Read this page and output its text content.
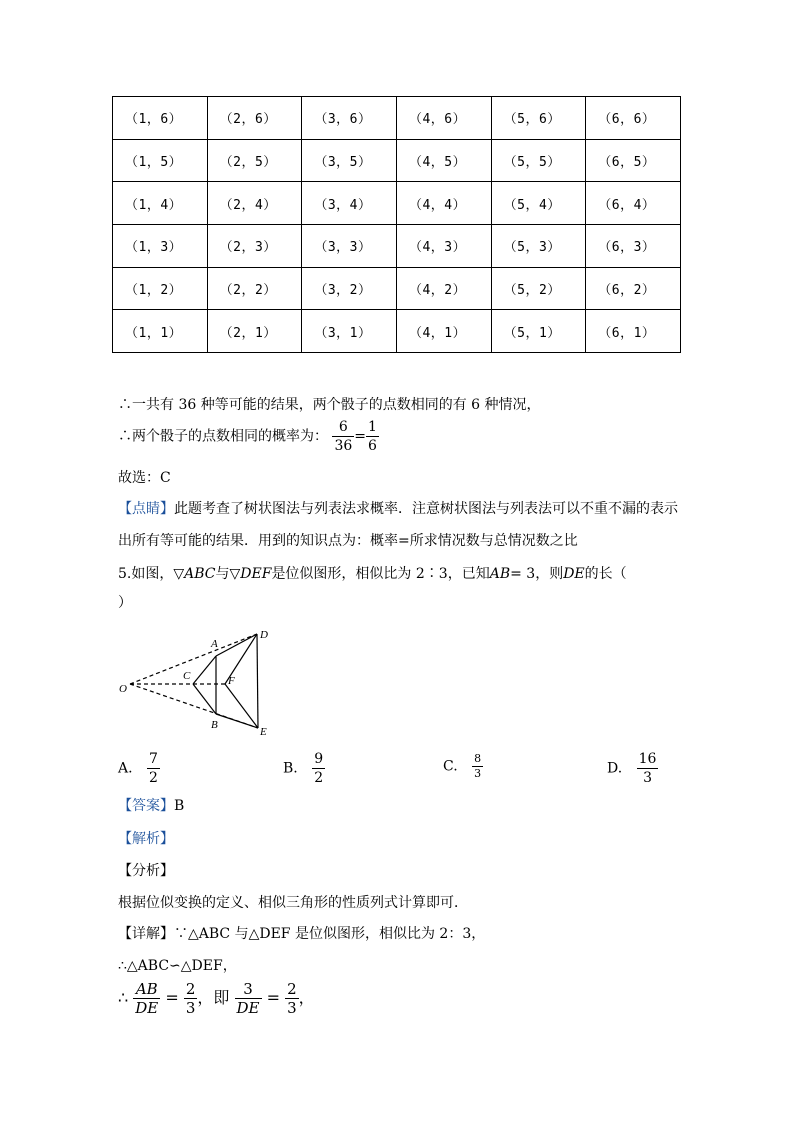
（1，6）	（2，6）	（3，6）	（4，6）	（5，6）	（6，6）
（1，5）	（2，5）	（3，5）	（4，5）	（5，5）	（6，5）
（1，4）	（2，4）	（3，4）	（4，4）	（5，4）	（6，4）
（1，3）	（2，3）	（3，3）	（4，3）	（5，3）	（6，3）
（1，2）	（2，2）	（3，2）	（4，2）	（5，2）	（6，2）
（1，1）	（2，1）	（3，1）	（4，1）	（5，1）	（6，1）
∴一共有 36 种等可能的结果，两个骰子的点数相同的有 6 种情况，
∴两个骰子的点数相同的概率为： $\frac{6}{36} = \frac{1}{6}$
故选：C
【点睛】此题考查了树状图法与列表法求概率．注意树状图法与列表法可以不重不漏的表示
出所有等可能的结果．用到的知识点为：概率=所求情况数与总情况数之比
5.如图，▽ABC与▽DEF是位似图形，相似比为 2∶3，已知AB= 3，则DE的长（
）
O
A
B
C
D
E
F
A. $\frac{7}{2}$	B. $\frac{9}{2}$	C. $\frac{8}{3}$	D. $\frac{16}{3}$
【答案】B
【解析】
【分析】
根据位似变换的定义、相似三角形的性质列式计算即可．
【详解】∵△ABC 与△DEF 是位似图形，相似比为 2：3，
∴△ABC∽△DEF，
∴ $\frac{AB}{DE} = \frac{2}{3}$ ，即 $\frac{3}{DE} = \frac{2}{3}$ ，
